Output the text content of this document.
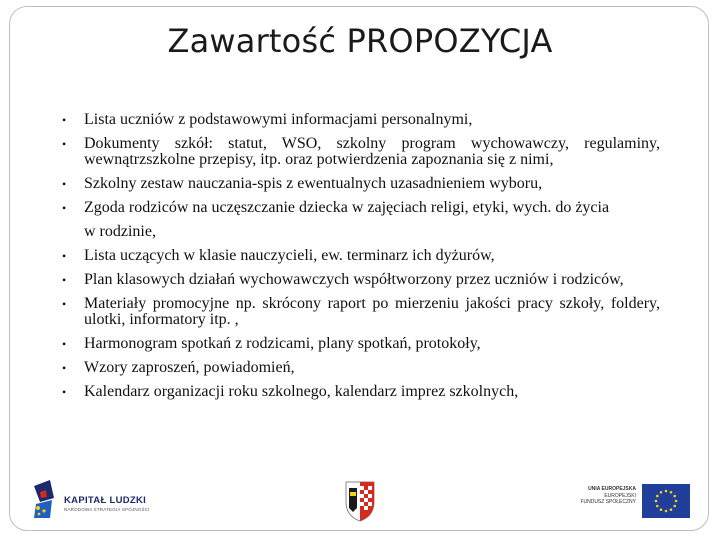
Zawartość PROPOZYCJA
• Lista uczniów z podstawowymi informacjami personalnymi,
• Dokumenty szkół: statut, WSO, szkolny program wychowawczy, regulaminy, wewnątrzszkolne przepisy, itp. oraz potwierdzenia zapoznania się z nimi,
• Szkolny zestaw nauczania-spis z ewentualnych uzasadnieniem wyboru,
• Zgoda rodziców na uczęszczanie dziecka w zajęciach religi, etyki, wych. do życia
w rodzinie,
• Lista uczących w klasie nauczycieli, ew. terminarz ich dyżurów,
• Plan klasowych działań wychowawczych współtworzony przez uczniów i rodziców,
• Materiały promocyjne np. skrócony raport po mierzeniu jakości pracy szkoły, foldery, ulotki, informatory itp. ,
• Harmonogram spotkań z rodzicami, plany spotkań, protokoły,
• Wzory zaproszeń, powiadomień,
• Kalendarz organizacji roku szkolnego, kalendarz imprez szkolnych,
KAPITAŁ LUDZKI
NARODOWA STRATEGIA SPÓJNOŚCI
UNIA EUROPEJSKA
EUROPEJSKI
FUNDUSZ SPOŁECZNY
